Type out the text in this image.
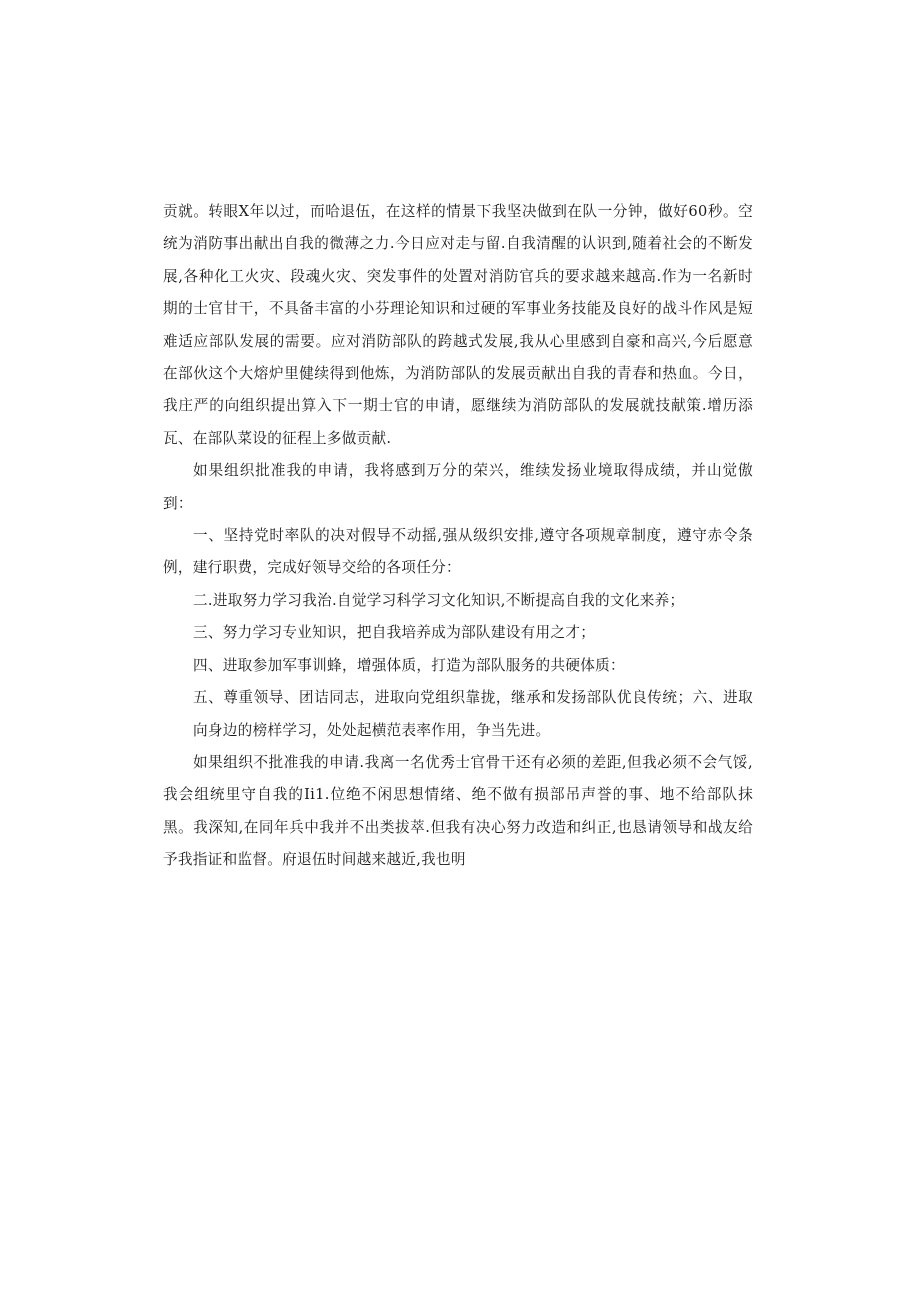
贡就。转眼X年以过，而哈退伍，在这样的情景下我坚决做到在队一分钟，做好60秒。空统为消防事出献出自我的微薄之力.今日应对走与留.自我清醒的认识到,随着社会的不断发展,各种化工火灾、段魂火灾、突发事件的处置对消防官兵的要求越来越高.作为一名新时期的士官甘干，不具备丰富的小芬理论知识和过硬的军事业务技能及良好的战斗作风是短难适应部队发展的需要。应对消防部队的跨越式发展,我从心里感到自豪和高兴,今后愿意在部伙这个大熔炉里健续得到他炼，为消防部队的发展贡献出自我的青春和热血。今日，我庄严的向组织提出算入下一期士官的申请，愿继续为消防部队的发展就技献策.增历添瓦、在部队菜设的征程上多做贡献.

如果组织批准我的申请，我将感到万分的荣兴，维续发扬业境取得成绩，并山觉傲到：

一、坚持党时率队的决对假导不动摇,强从级织安排,遵守各项规章制度，遵守赤令条例，建行职费，完成好领导交给的各项任分：

二.进取努力学习我治.自觉学习科学习文化知识,不断提高自我的文化来养；

三、努力学习专业知识，把自我培养成为部队建设有用之才；

四、进取参加军事训蜂，增强体质，打造为部队服务的共硬体质：

五、尊重领导、团诘同志，进取向党组织靠拢，继承和发扬部队优良传统；六、进取向身边的榜样学习，处处起横范表率作用，争当先进。

如果组织不批准我的申请.我离一名优秀士官骨干还有必须的差距,但我必须不会气馁,我会组统里守自我的Ii1.位绝不闲思想情绪、绝不做有损部吊声誉的事、地不给部队抹黑。我深知,在同年兵中我并不出类拔萃.但我有决心努力改造和纠正,也恳请领导和战友给予我指证和监督。府退伍时间越来越近,我也明
